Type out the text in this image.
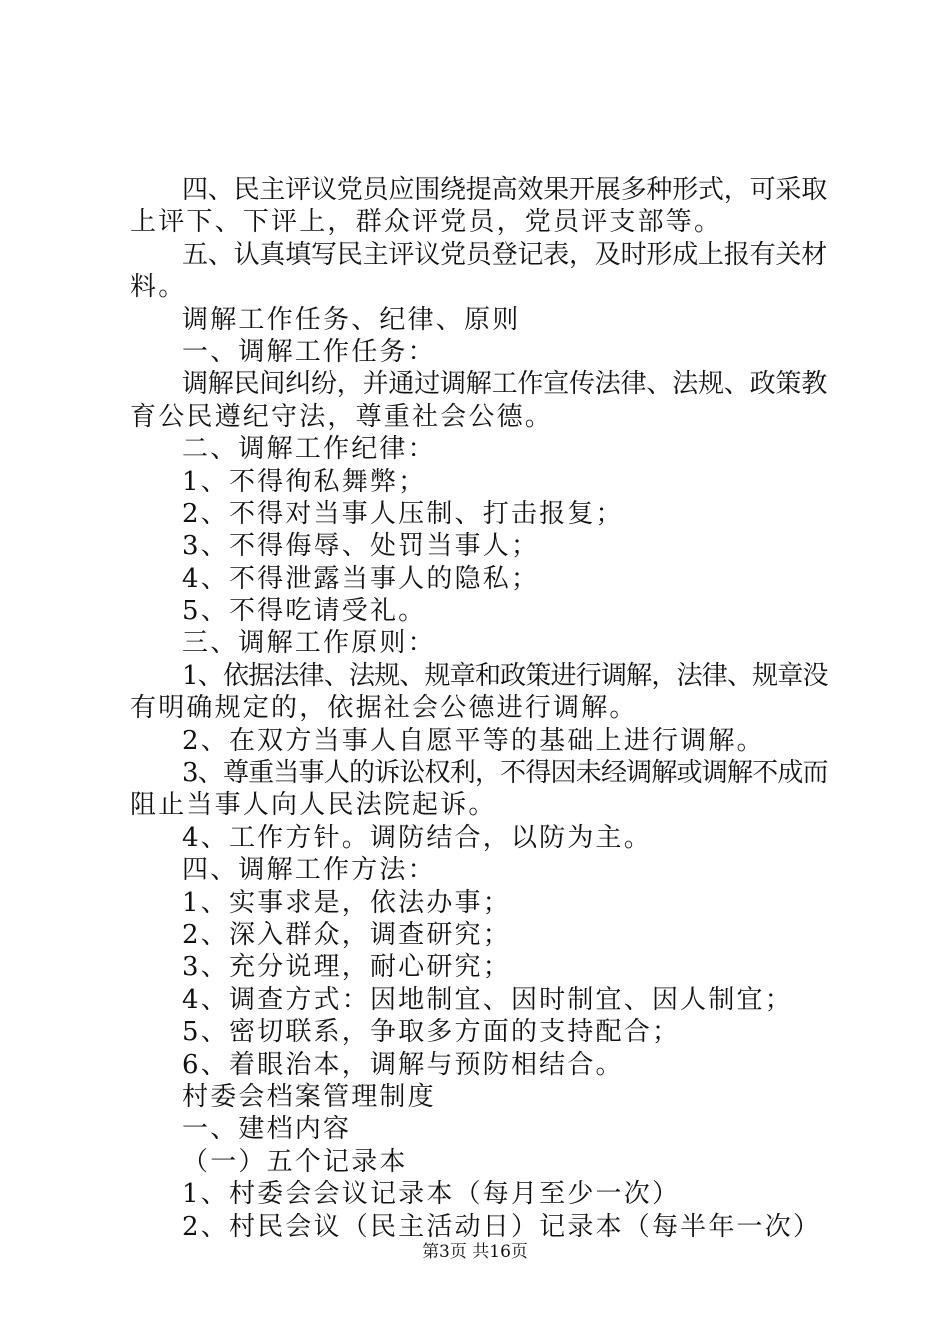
四、民主评议党员应围绕提高效果开展多种形式，可采取
上评下、下评上，群众评党员，党员评支部等。
五、认真填写民主评议党员登记表，及时形成上报有关材
料。
调解工作任务、纪律、原则
一、调解工作任务：
调解民间纠纷，并通过调解工作宣传法律、法规、政策教
育公民遵纪守法，尊重社会公德。
二、调解工作纪律：
1、不得徇私舞弊；
2、不得对当事人压制、打击报复；
3、不得侮辱、处罚当事人；
4、不得泄露当事人的隐私；
5、不得吃请受礼。
三、调解工作原则：
1、依据法律、法规、规章和政策进行调解，法律、规章没
有明确规定的，依据社会公德进行调解。
2、在双方当事人自愿平等的基础上进行调解。
3、尊重当事人的诉讼权利，不得因未经调解或调解不成而
阻止当事人向人民法院起诉。
4、工作方针。调防结合，以防为主。
四、调解工作方法：
1、实事求是，依法办事；
2、深入群众，调查研究；
3、充分说理，耐心研究；
4、调查方式：因地制宜、因时制宜、因人制宜；
5、密切联系，争取多方面的支持配合；
6、着眼治本，调解与预防相结合。
村委会档案管理制度
一、建档内容
（一）五个记录本
1、村委会会议记录本（每月至少一次）
2、村民会议（民主活动日）记录本（每半年一次）
第3页 共16页
